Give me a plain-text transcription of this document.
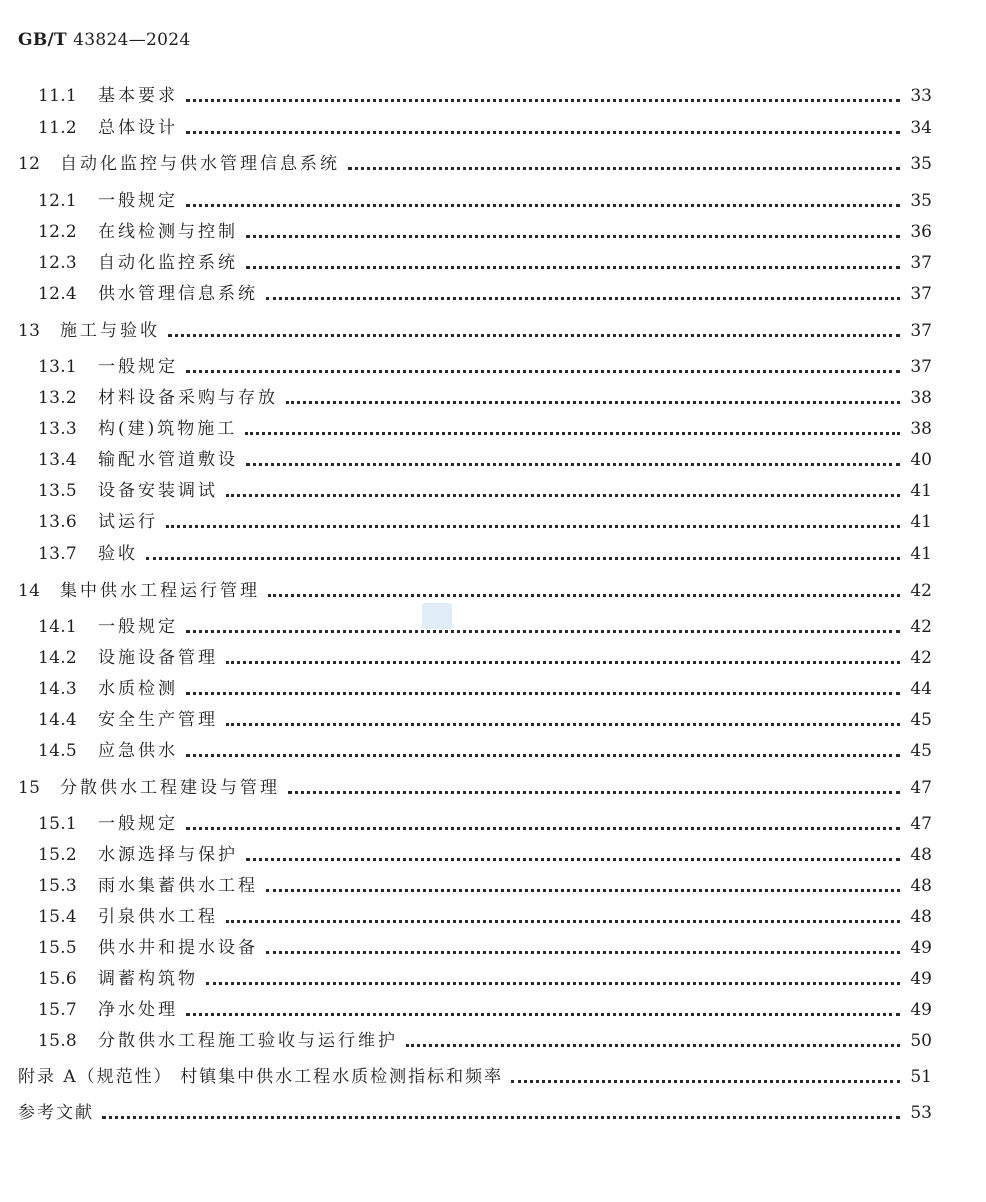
GB/T 43824—2024
11.1	基本要求	33
11.2	总体设计	34
12	自动化监控与供水管理信息系统	35
12.1	一般规定	35
12.2	在线检测与控制	36
12.3	自动化监控系统	37
12.4	供水管理信息系统	37
13	施工与验收	37
13.1	一般规定	37
13.2	材料设备采购与存放	38
13.3	构(建)筑物施工	38
13.4	输配水管道敷设	40
13.5	设备安装调试	41
13.6	试运行	41
13.7	验收	41
14	集中供水工程运行管理	42
14.1	一般规定	42
14.2	设施设备管理	42
14.3	水质检测	44
14.4	安全生产管理	45
14.5	应急供水	45
15	分散供水工程建设与管理	47
15.1	一般规定	47
15.2	水源选择与保护	48
15.3	雨水集蓄供水工程	48
15.4	引泉供水工程	48
15.5	供水井和提水设备	49
15.6	调蓄构筑物	49
15.7	净水处理	49
15.8	分散供水工程施工验收与运行维护	50
附录 A（规范性） 村镇集中供水工程水质检测指标和频率	51
参考文献	53
